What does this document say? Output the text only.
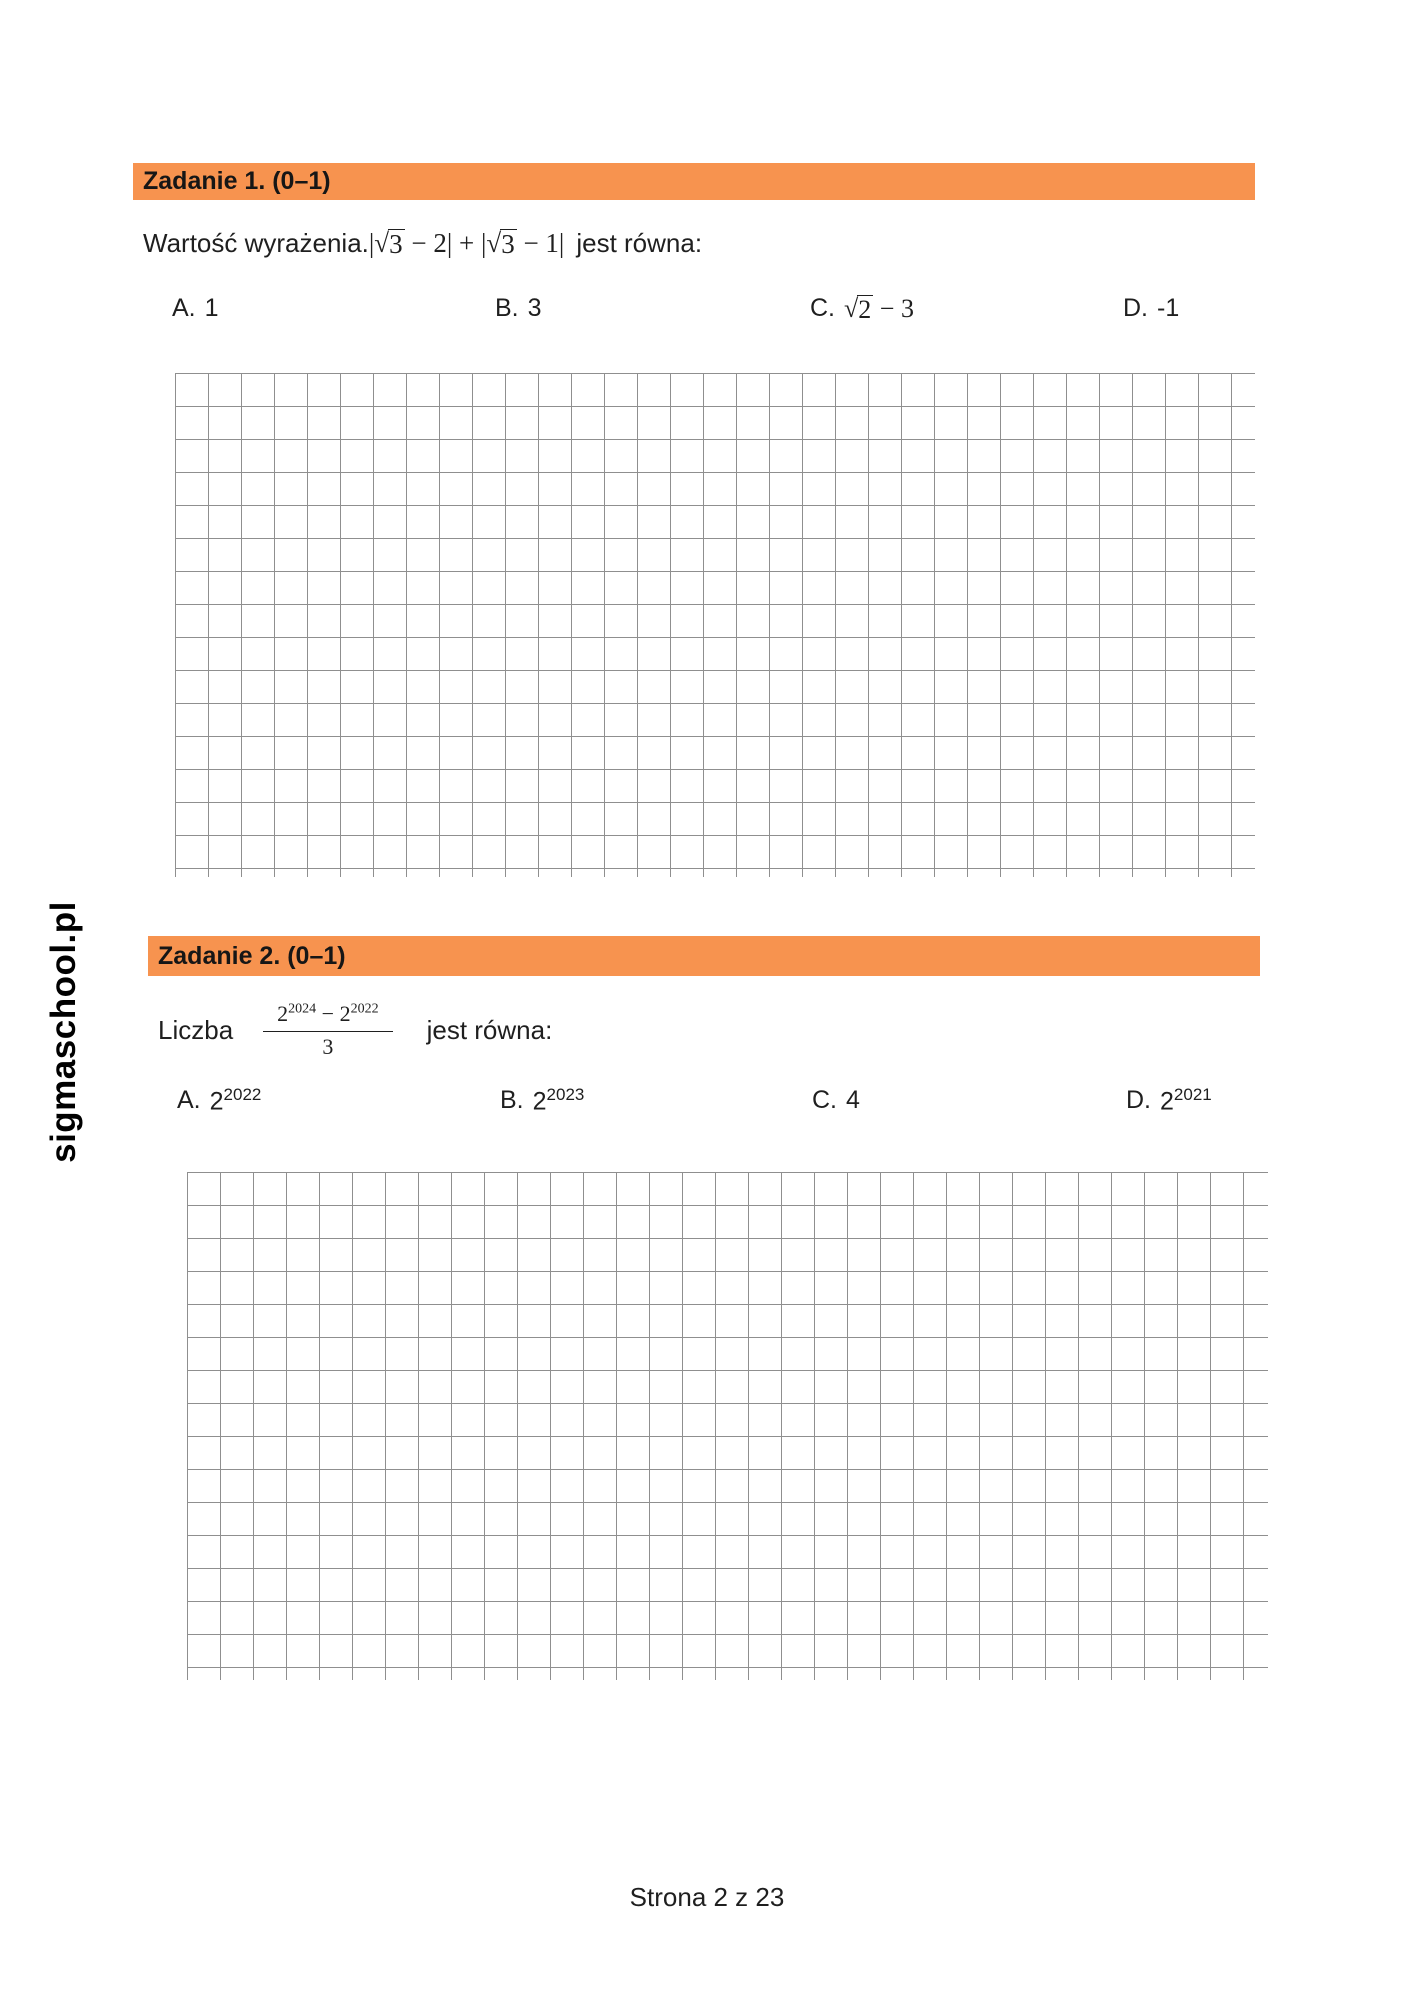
sigmaschool.pl
Zadanie 1. (0–1)
Wartość wyrażenia. | √ 3 − 2| + | √ 3 − 1| jest równa:
A. 1	B. 3	C. √ 2 − 3	D. -1
Zadanie 2. (0–1)
Liczba $\frac{2^{2024} - 2^{2022}}{3}$ jest równa:
A. $2^{2022}$	B. $2^{2023}$	C. 4	D. $2^{2021}$
Strona 2 z 23
